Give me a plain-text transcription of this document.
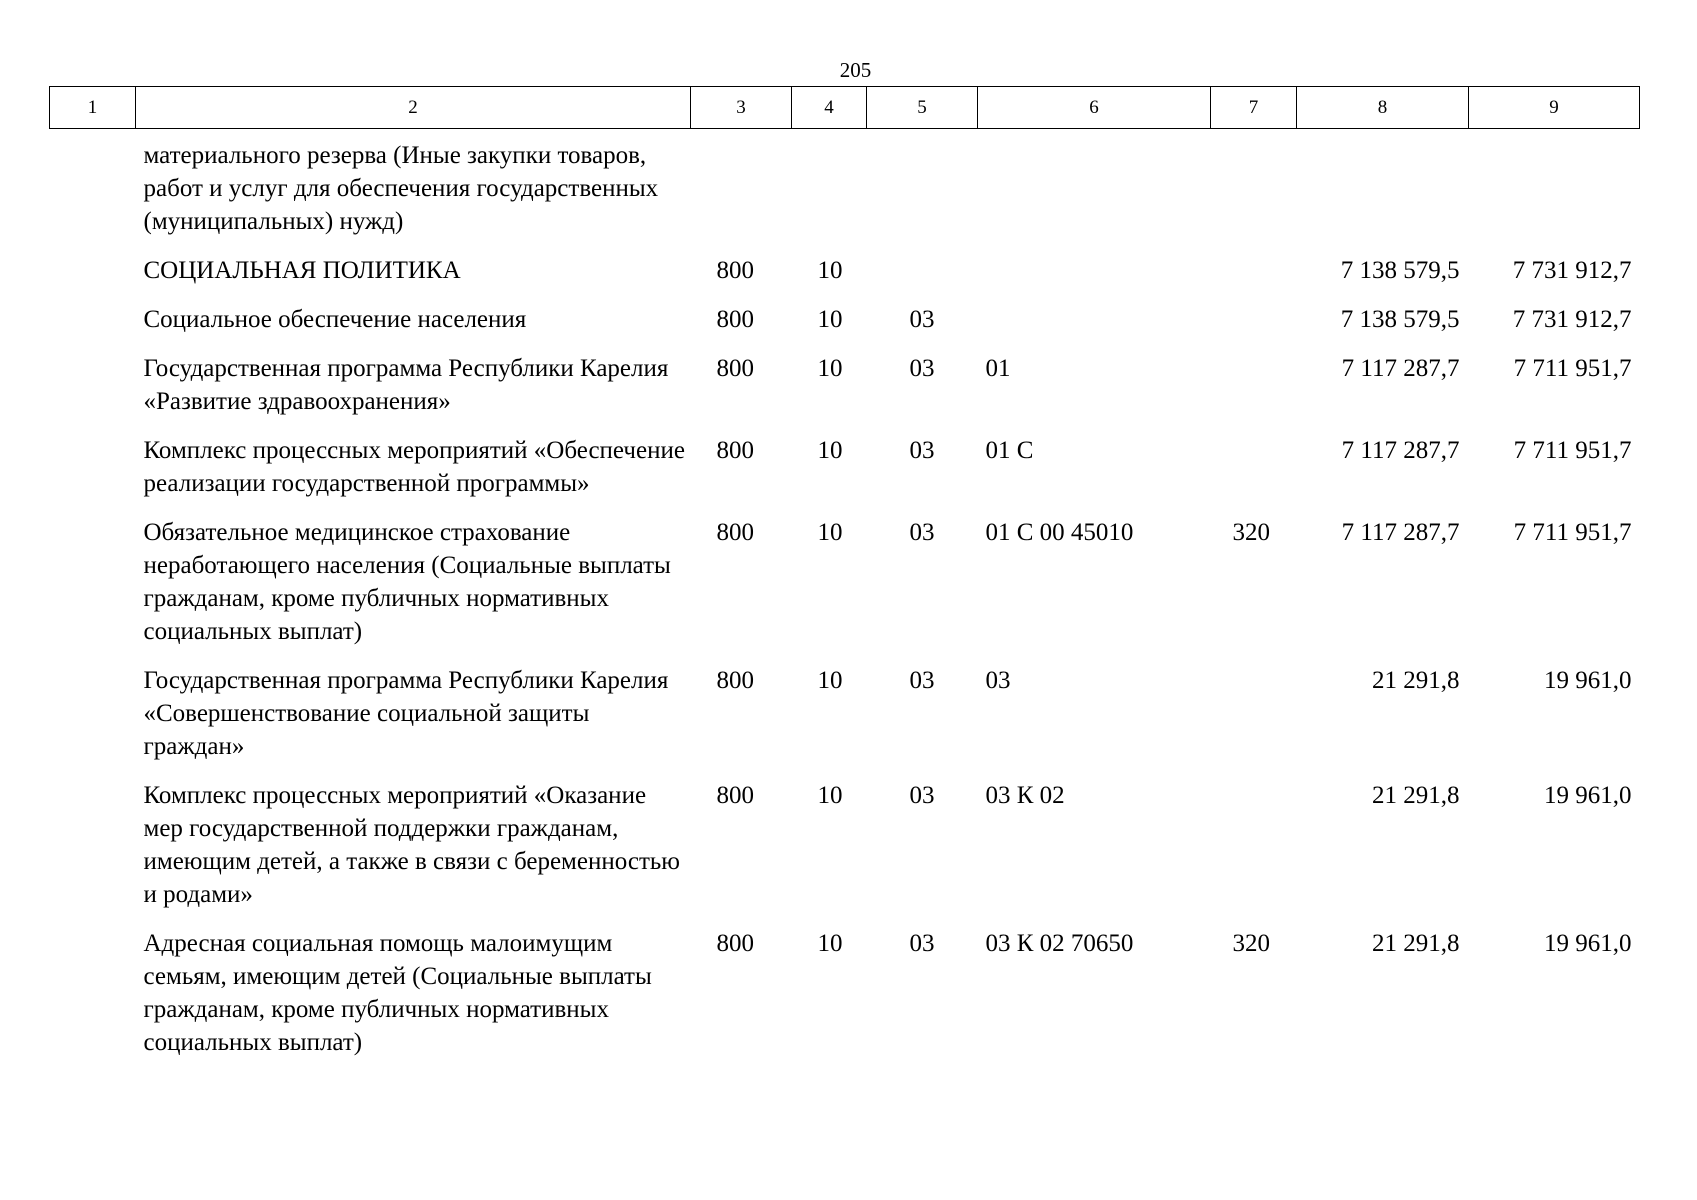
205
1	2	3	4	5	6	7	8	9
	материального резерва (Иные закупки товаров, работ и услуг для обеспечения государственных (муниципальных) нужд)							
	СОЦИАЛЬНАЯ ПОЛИТИКА	800	10				7 138 579,5	7 731 912,7
	Социальное обеспечение населения	800	10	03			7 138 579,5	7 731 912,7
	Государственная программа Республики Карелия «Развитие здравоохранения»	800	10	03	01		7 117 287,7	7 711 951,7
	Комплекс процессных мероприятий «Обеспечение реализации государственной программы»	800	10	03	01 С		7 117 287,7	7 711 951,7
	Обязательное медицинское страхование неработающего населения (Социальные выплаты гражданам, кроме публичных нормативных социальных выплат)	800	10	03	01 С 00 45010	320	7 117 287,7	7 711 951,7
	Государственная программа Республики Карелия «Совершенствование социальной защиты граждан»	800	10	03	03		21 291,8	19 961,0
	Комплекс процессных мероприятий «Оказание мер государственной поддержки гражданам, имеющим детей, а также в связи с беременностью и родами»	800	10	03	03 К 02		21 291,8	19 961,0
	Адресная социальная помощь малоимущим семьям, имеющим детей (Социальные выплаты гражданам, кроме публичных нормативных социальных выплат)	800	10	03	03 К 02 70650	320	21 291,8	19 961,0
